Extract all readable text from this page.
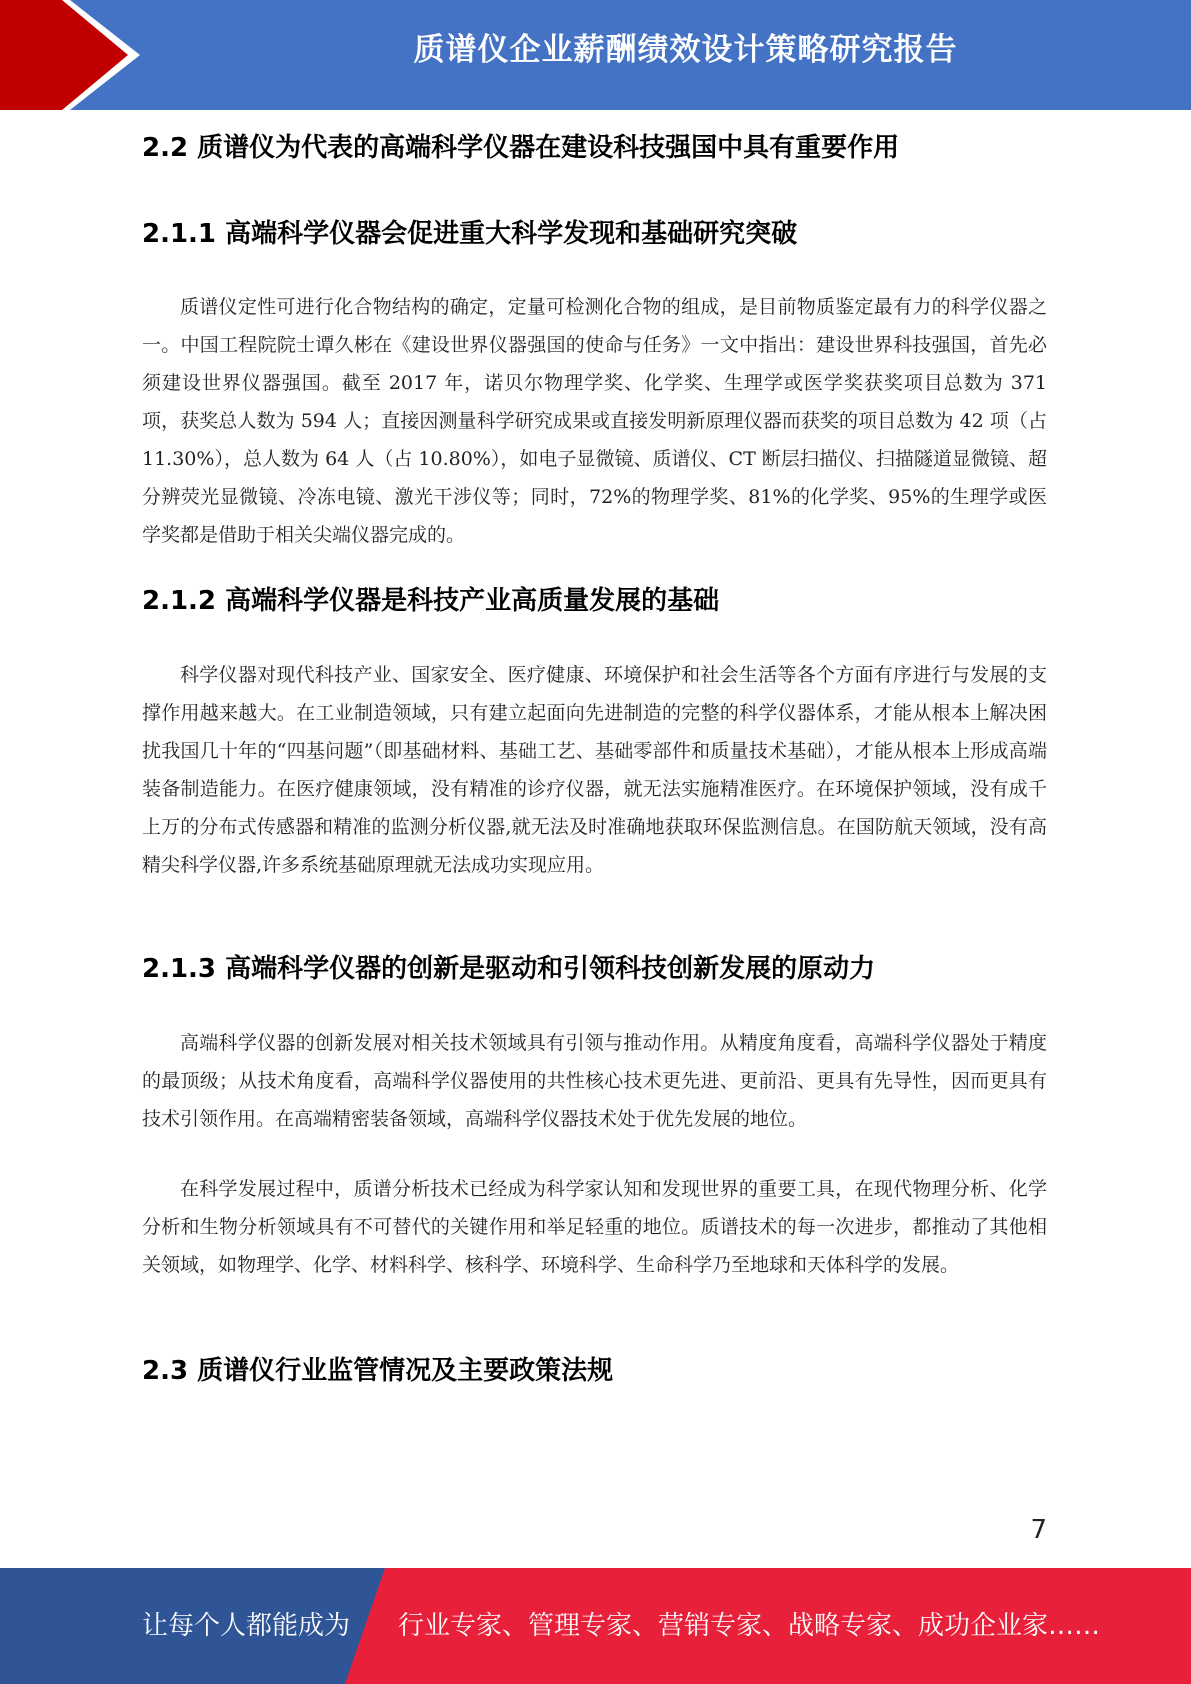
质谱仪企业薪酬绩效设计策略研究报告
2.2 质谱仪为代表的高端科学仪器在建设科技强国中具有重要作用
2.1.1 高端科学仪器会促进重大科学发现和基础研究突破

质谱仪定性可进行化合物结构的确定，定量可检测化合物的组成，是目前物质鉴定最有力的科学仪器之一。中国工程院院士谭久彬在《建设世界仪器强国的使命与任务》一文中指出：建设世界科技强国，首先必须建设世界仪器强国。截至 2017 年，诺贝尔物理学奖、化学奖、生理学或医学奖获奖项目总数为 371 项，获奖总人数为 594 人；直接因测量科学研究成果或直接发明新原理仪器而获奖的项目总数为 42 项（占 11.30%），总人数为 64 人（占 10.80%），如电子显微镜、质谱仪、CT 断层扫描仪、扫描隧道显微镜、超分辨荧光显微镜、冷冻电镜、激光干涉仪等；同时，72%的物理学奖、81%的化学奖、95%的生理学或医学奖都是借助于相关尖端仪器完成的。

2.1.2 高端科学仪器是科技产业高质量发展的基础

科学仪器对现代科技产业、国家安全、医疗健康、环境保护和社会生活等各个方面有序进行与发展的支撑作用越来越大。在工业制造领域，只有建立起面向先进制造的完整的科学仪器体系，才能从根本上解决困扰我国几十年的“四基问题”（即基础材料、基础工艺、基础零部件和质量技术基础），才能从根本上形成高端装备制造能力。在医疗健康领域，没有精准的诊疗仪器，就无法实施精准医疗。在环境保护领域，没有成千上万的分布式传感器和精准的监测分析仪器,就无法及时准确地获取环保监测信息。在国防航天领域，没有高精尖科学仪器,许多系统基础原理就无法成功实现应用。

2.1.3 高端科学仪器的创新是驱动和引领科技创新发展的原动力

高端科学仪器的创新发展对相关技术领域具有引领与推动作用。从精度角度看，高端科学仪器处于精度的最顶级；从技术角度看，高端科学仪器使用的共性核心技术更先进、更前沿、更具有先导性，因而更具有技术引领作用。在高端精密装备领域，高端科学仪器技术处于优先发展的地位。

在科学发展过程中，质谱分析技术已经成为科学家认知和发现世界的重要工具，在现代物理分析、化学分析和生物分析领域具有不可替代的关键作用和举足轻重的地位。质谱技术的每一次进步，都推动了其他相关领域，如物理学、化学、材料科学、核科学、环境科学、生命科学乃至地球和天体科学的发展。

2.3 质谱仪行业监管情况及主要政策法规
7
让每个人都能成为 行业专家、管理专家、营销专家、战略专家、成功企业家……
